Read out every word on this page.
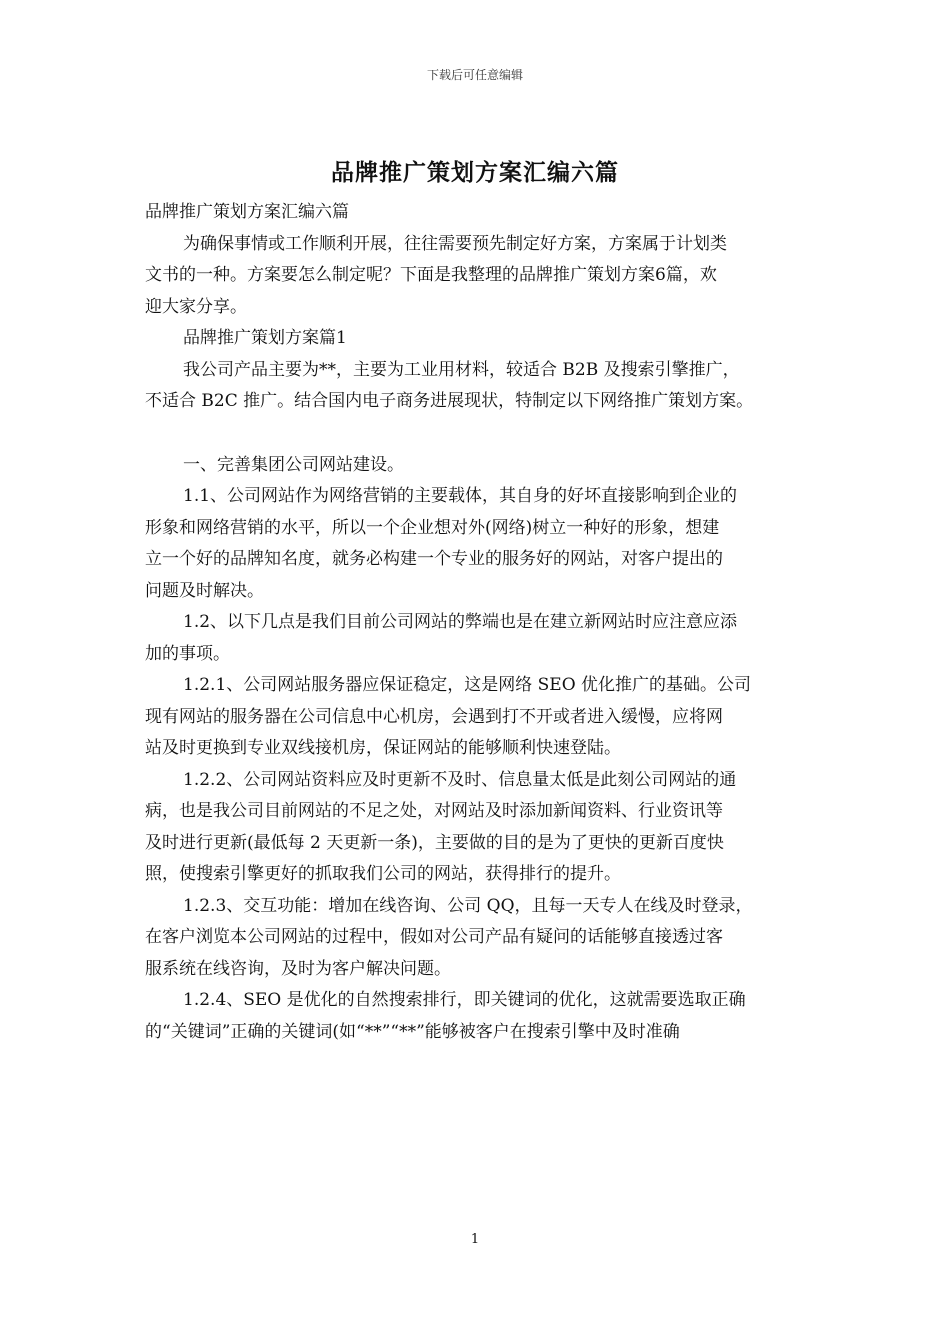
下载后可任意编辑
品牌推广策划方案汇编六篇

品牌推广策划方案汇编六篇

为确保事情或工作顺利开展，往往需要预先制定好方案，方案属于计划类
文书的一种。方案要怎么制定呢？下面是我整理的品牌推广策划方案6篇，欢
迎大家分享。

品牌推广策划方案篇1

我公司产品主要为**，主要为工业用材料，较适合 B2B 及搜索引擎推广，
不适合 B2C 推广。结合国内电子商务进展现状，特制定以下网络推广策划方案。

一、完善集团公司网站建设。

1.1、公司网站作为网络营销的主要载体，其自身的好坏直接影响到企业的
形象和网络营销的水平，所以一个企业想对外(网络)树立一种好的形象，想建
立一个好的品牌知名度，就务必构建一个专业的服务好的网站，对客户提出的
问题及时解决。

1.2、以下几点是我们目前公司网站的弊端也是在建立新网站时应注意应添
加的事项。

1.2.1、公司网站服务器应保证稳定，这是网络 SEO 优化推广的基础。公司
现有网站的服务器在公司信息中心机房，会遇到打不开或者进入缓慢，应将网
站及时更换到专业双线接机房，保证网站的能够顺利快速登陆。

1.2.2、公司网站资料应及时更新不及时、信息量太低是此刻公司网站的通
病，也是我公司目前网站的不足之处，对网站及时添加新闻资料、行业资讯等
及时进行更新(最低每 2 天更新一条)，主要做的目的是为了更快的更新百度快
照，使搜索引擎更好的抓取我们公司的网站，获得排行的提升。

1.2.3、交互功能：增加在线咨询、公司 QQ，且每一天专人在线及时登录，
在客户浏览本公司网站的过程中，假如对公司产品有疑问的话能够直接透过客
服系统在线咨询，及时为客户解决问题。

1.2.4、SEO 是优化的自然搜索排行，即关键词的优化，这就需要选取正确
的“关键词”正确的关键词(如“**”“**”能够被客户在搜索引擎中及时准确

1
